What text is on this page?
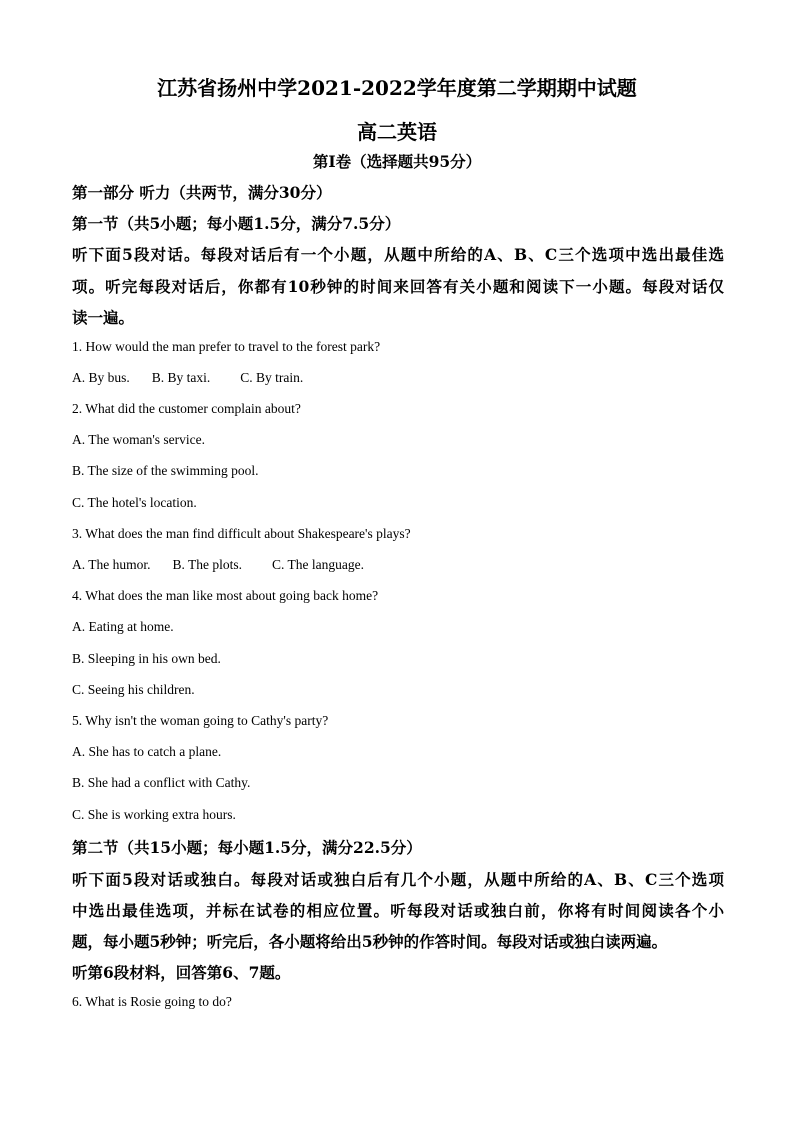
江苏省扬州中学2021-2022学年度第二学期期中试题
高二英语
第I卷（选择题共95分）
第一部分 听力（共两节，满分30分）
第一节（共5小题；每小题1.5分，满分7.5分）
听下面5段对话。每段对话后有一个小题，从题中所给的A、B、C三个选项中选出最佳选
项。听完每段对话后，你都有10秒钟的时间来回答有关小题和阅读下一小题。每段对话仅
读一遍。
1. How would the man prefer to travel to the forest park?
A. By bus. B. By taxi. C. By train.
2. What did the customer complain about?
A. The woman's service.
B. The size of the swimming pool.
C. The hotel's location.
3. What does the man find difficult about Shakespeare's plays?
A. The humor. B. The plots. C. The language.
4. What does the man like most about going back home?
A. Eating at home.
B. Sleeping in his own bed.
C. Seeing his children.
5. Why isn't the woman going to Cathy's party?
A. She has to catch a plane.
B. She had a conflict with Cathy.
C. She is working extra hours.
第二节（共15小题；每小题1.5分，满分22.5分）
听下面5段对话或独白。每段对话或独白后有几个小题，从题中所给的A、B、C三个选项
中选出最佳选项，并标在试卷的相应位置。听每段对话或独白前，你将有时间阅读各个小
题，每小题5秒钟；听完后，各小题将给出5秒钟的作答时间。每段对话或独白读两遍。
听第6段材料，回答第6、7题。
6. What is Rosie going to do?
